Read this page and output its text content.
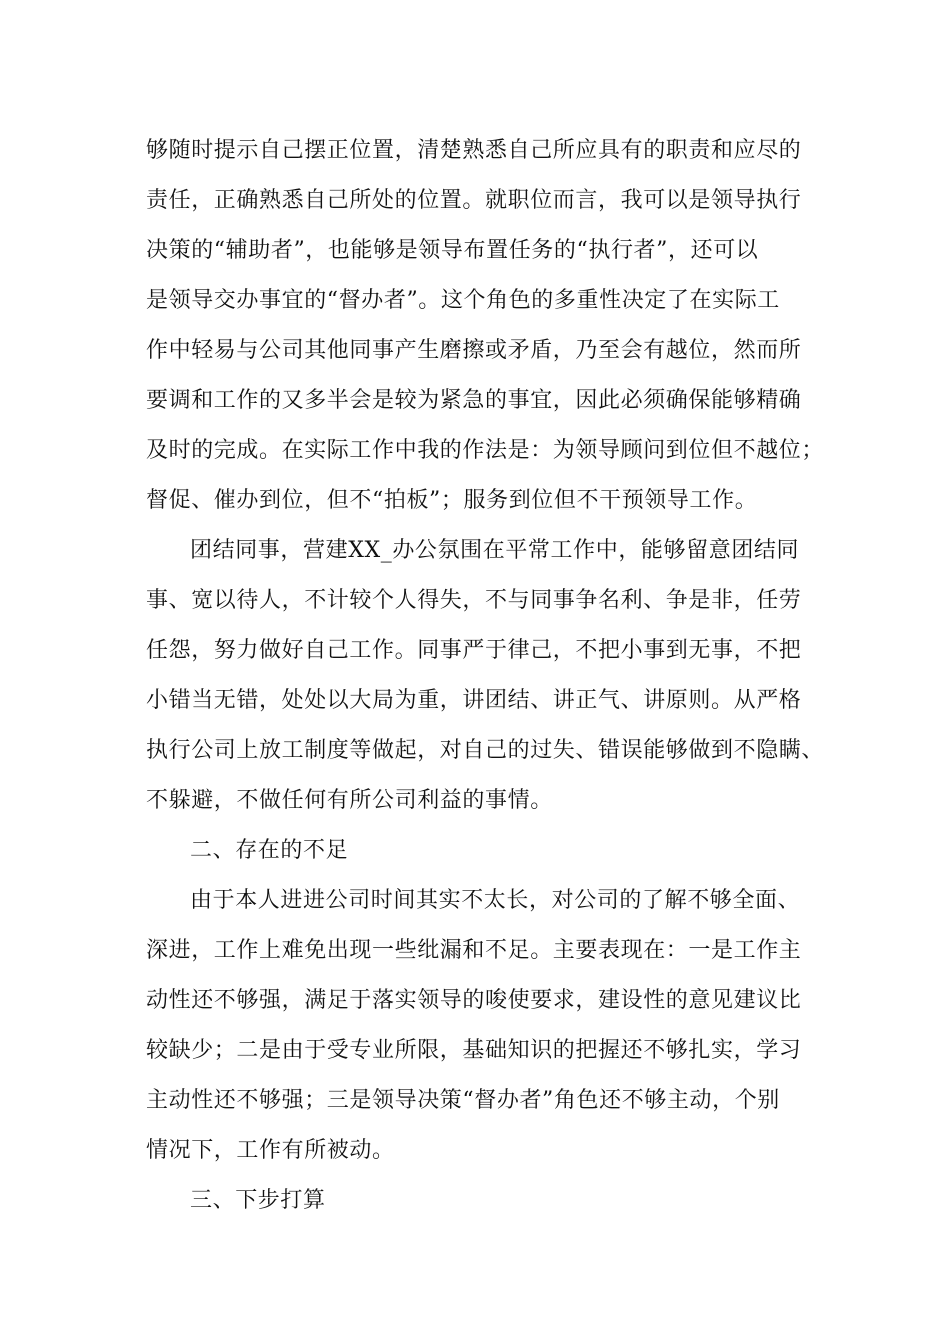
够随时提示自己摆正位置，清楚熟悉自己所应具有的职责和应尽的
责任，正确熟悉自己所处的位置。就职位而言，我可以是领导执行
决策的“辅助者”，也能够是领导布置任务的“执行者”，还可以
是领导交办事宜的“督办者”。这个角色的多重性决定了在实际工
作中轻易与公司其他同事产生磨擦或矛盾，乃至会有越位，然而所
要调和工作的又多半会是较为紧急的事宜，因此必须确保能够精确
及时的完成。在实际工作中我的作法是：为领导顾问到位但不越位；
督促、催办到位，但不“拍板”；服务到位但不干预领导工作。
团结同事，营建XX_办公氛围在平常工作中，能够留意团结同
事、宽以待人，不计较个人得失，不与同事争名利、争是非，任劳
任怨，努力做好自己工作。同事严于律己，不把小事到无事，不把
小错当无错，处处以大局为重，讲团结、讲正气、讲原则。从严格
执行公司上放工制度等做起，对自己的过失、错误能够做到不隐瞒、
不躲避，不做任何有所公司利益的事情。
二、存在的不足
由于本人进进公司时间其实不太长，对公司的了解不够全面、
深进，工作上难免出现一些纰漏和不足。主要表现在：一是工作主
动性还不够强，满足于落实领导的唆使要求，建设性的意见建议比
较缺少；二是由于受专业所限，基础知识的把握还不够扎实，学习
主动性还不够强；三是领导决策“督办者”角色还不够主动，个别
情况下，工作有所被动。
三、下步打算
